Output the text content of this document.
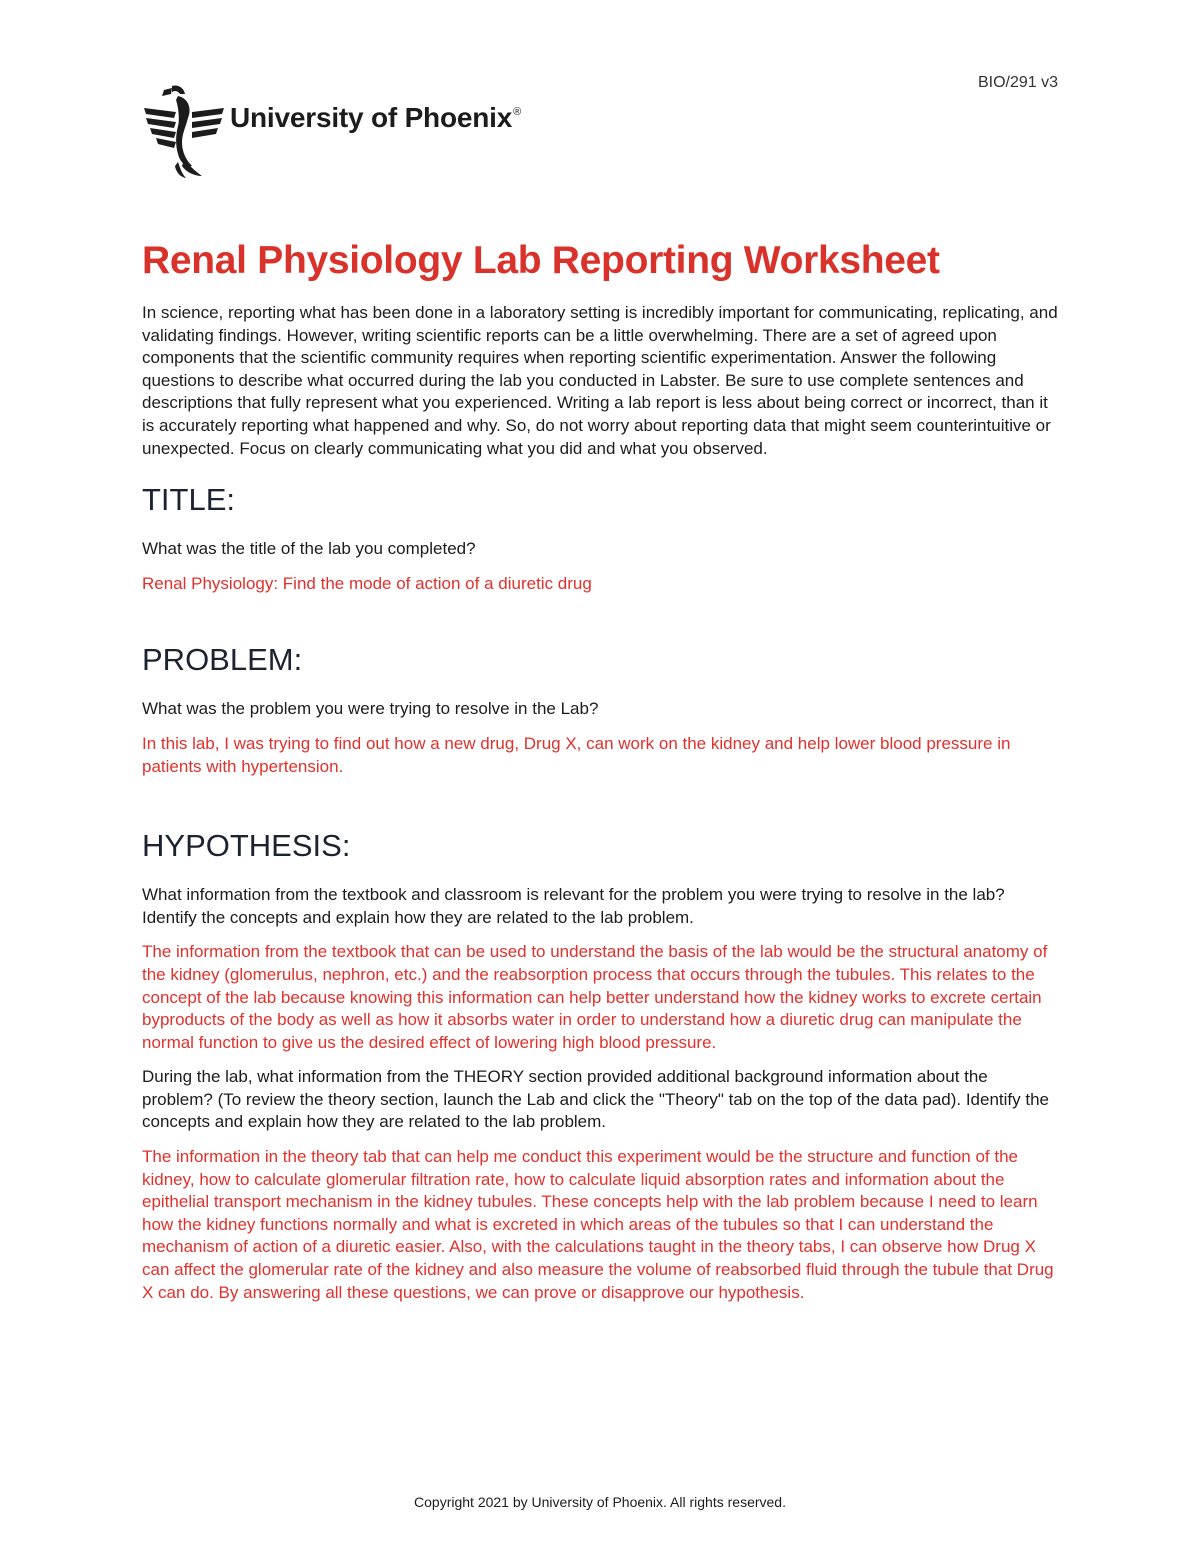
BIO/291 v3
University of Phoenix®
Renal Physiology Lab Reporting Worksheet

In science, reporting what has been done in a laboratory setting is incredibly important for communicating, replicating, and validating findings. However, writing scientific reports can be a little overwhelming. There are a set of agreed upon components that the scientific community requires when reporting scientific experimentation. Answer the following questions to describe what occurred during the lab you conducted in Labster. Be sure to use complete sentences and descriptions that fully represent what you experienced. Writing a lab report is less about being correct or incorrect, than it is accurately reporting what happened and why. So, do not worry about reporting data that might seem counterintuitive or unexpected. Focus on clearly communicating what you did and what you observed.

TITLE:

What was the title of the lab you completed?

Renal Physiology: Find the mode of action of a diuretic drug

PROBLEM:

What was the problem you were trying to resolve in the Lab?

In this lab, I was trying to find out how a new drug, Drug X, can work on the kidney and help lower blood pressure in patients with hypertension.

HYPOTHESIS:

What information from the textbook and classroom is relevant for the problem you were trying to resolve in the lab? Identify the concepts and explain how they are related to the lab problem.

The information from the textbook that can be used to understand the basis of the lab would be the structural anatomy of the kidney (glomerulus, nephron, etc.) and the reabsorption process that occurs through the tubules. This relates to the concept of the lab because knowing this information can help better understand how the kidney works to excrete certain byproducts of the body as well as how it absorbs water in order to understand how a diuretic drug can manipulate the normal function to give us the desired effect of lowering high blood pressure.

During the lab, what information from the THEORY section provided additional background information about the problem? (To review the theory section, launch the Lab and click the "Theory" tab on the top of the data pad). Identify the concepts and explain how they are related to the lab problem.

The information in the theory tab that can help me conduct this experiment would be the structure and function of the kidney, how to calculate glomerular filtration rate, how to calculate liquid absorption rates and information about the epithelial transport mechanism in the kidney tubules. These concepts help with the lab problem because I need to learn how the kidney functions normally and what is excreted in which areas of the tubules so that I can understand the mechanism of action of a diuretic easier. Also, with the calculations taught in the theory tabs, I can observe how Drug X can affect the glomerular rate of the kidney and also measure the volume of reabsorbed fluid through the tubule that Drug X can do. By answering all these questions, we can prove or disapprove our hypothesis.

Copyright 2021 by University of Phoenix. All rights reserved.
